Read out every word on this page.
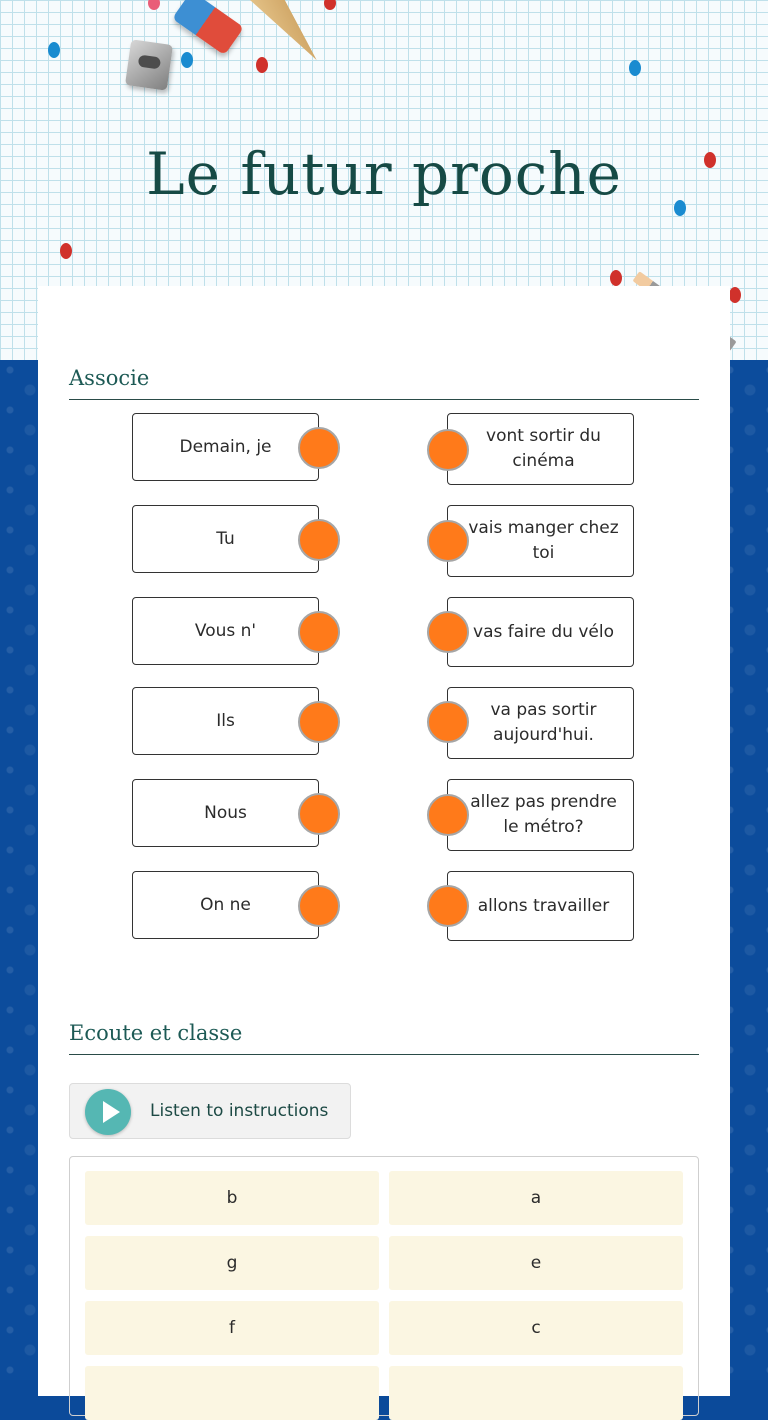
Le futur proche
Associe
Demain, je
Tu
Vous n'
Ils
Nous
On ne
vont sortir du cinéma
vais manger chez toi
vas faire du vélo
va pas sortir aujourd'hui.
allez pas prendre le métro?
allons travailler
Ecoute et classe
Listen to instructions
b	a
g	e
f	c
